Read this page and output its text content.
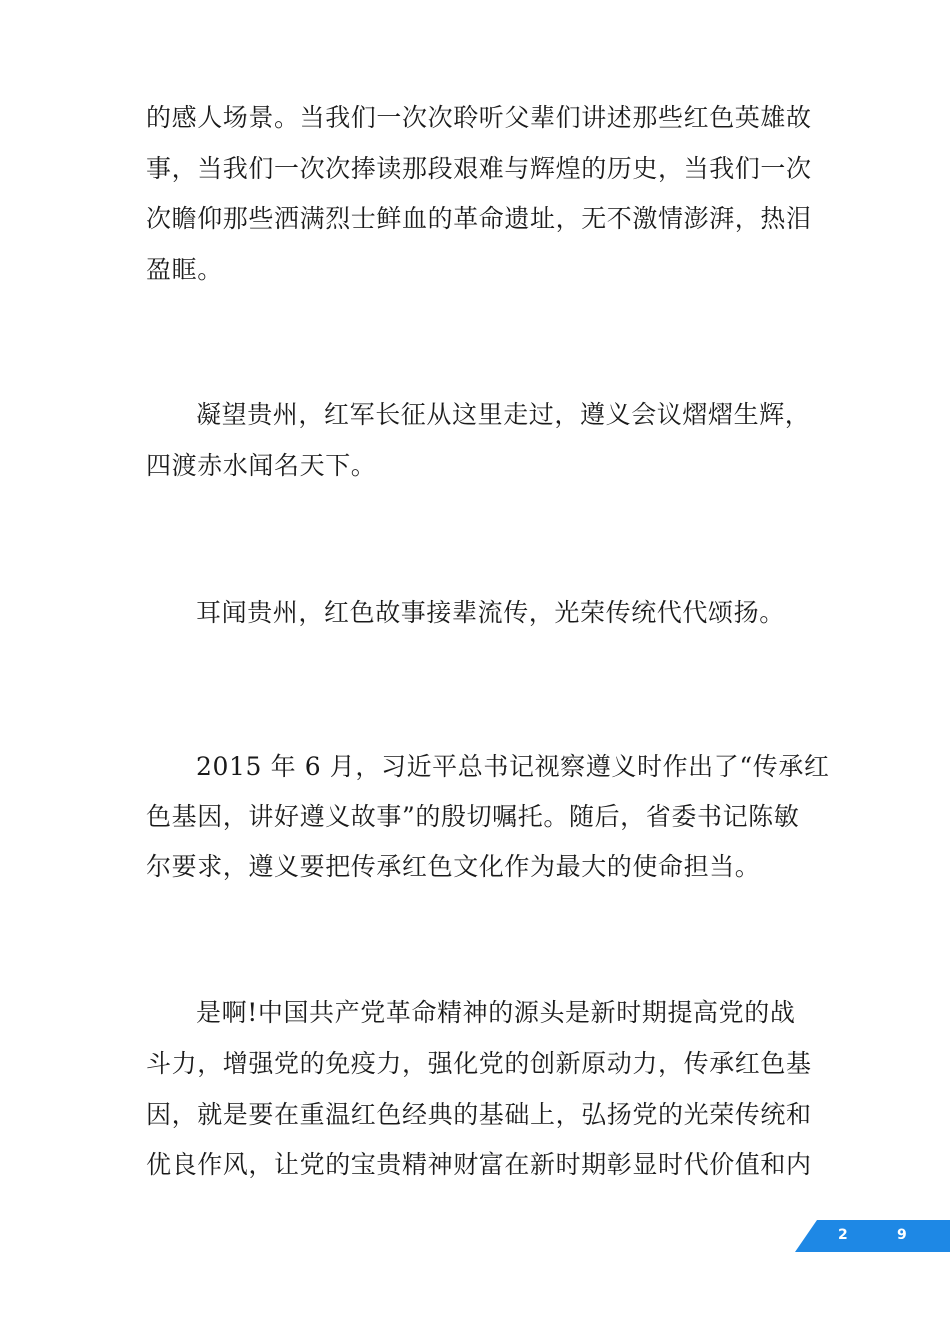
的感人场景。当我们一次次聆听父辈们讲述那些红色英雄故
事，当我们一次次捧读那段艰难与辉煌的历史，当我们一次
次瞻仰那些洒满烈士鲜血的革命遗址，无不激情澎湃，热泪
盈眶。
凝望贵州，红军长征从这里走过，遵义会议熠熠生辉，
四渡赤水闻名天下。
耳闻贵州，红色故事接辈流传，光荣传统代代颂扬。
2015 年 6 月，习近平总书记视察遵义时作出了“传承红
色基因，讲好遵义故事”的殷切嘱托。随后，省委书记陈敏
尔要求，遵义要把传承红色文化作为最大的使命担当。
是啊!中国共产党革命精神的源头是新时期提高党的战
斗力，增强党的免疫力，强化党的创新原动力，传承红色基
因，就是要在重温红色经典的基础上，弘扬党的光荣传统和
优良作风，让党的宝贵精神财富在新时期彰显时代价值和内
2	9
